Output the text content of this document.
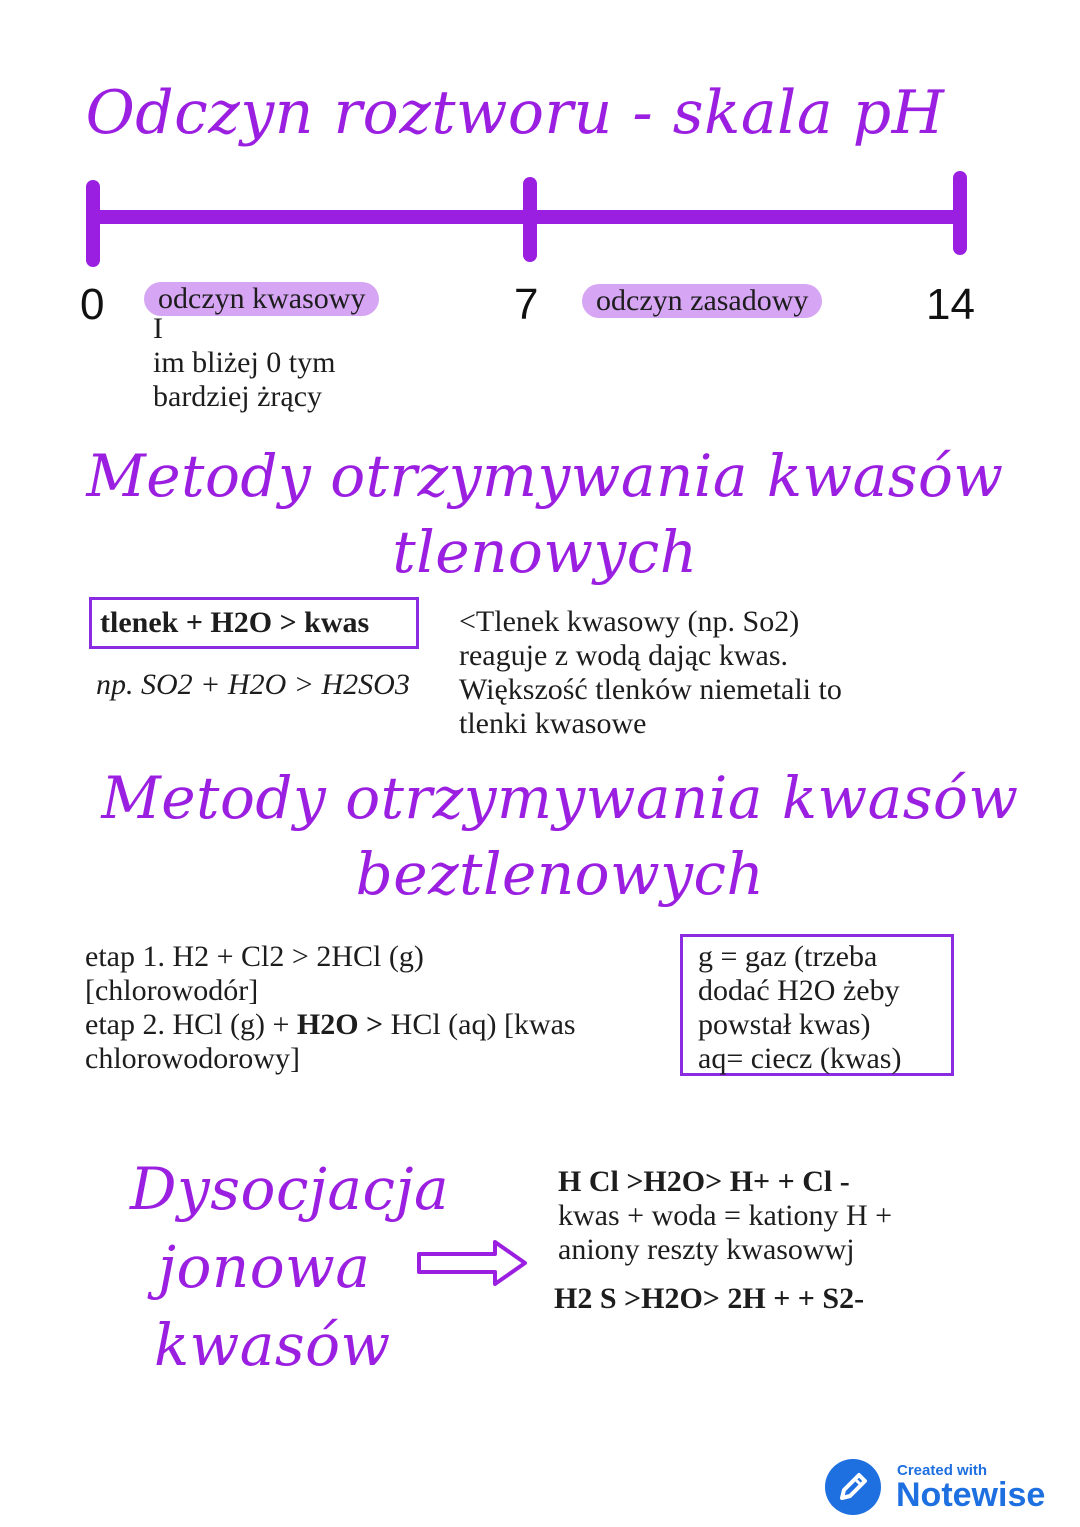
Odczyn roztworu - skala pH
0	7	14
odczyn kwasowy	odczyn zasadowy
I
im bliżej 0 tym
bardziej żrący
Metody otrzymywania kwasów
tlenowych
tlenek + H2O > kwas
np. SO2 + H2O > H2SO3
<Tlenek kwasowy (np. So2)
reaguje z wodą dając kwas.
Większość tlenków niemetali to
tlenki kwasowe
Metody otrzymywania kwasów
beztlenowych
etap 1. H2 + Cl2 > 2HCl (g)
[chlorowodór]
etap 2. HCl (g) + H2O > HCl (aq) [kwas
chlorowodorowy]
g = gaz (trzeba
dodać H2O żeby
powstał kwas)
aq= ciecz (kwas)
Dysocjacja
jonowa
kwasów
H Cl >H2O> H+ + Cl -
kwas + woda = kationy H +
aniony reszty kwasowwj
H2 S >H2O> 2H + + S2-
Created with
Notewise
